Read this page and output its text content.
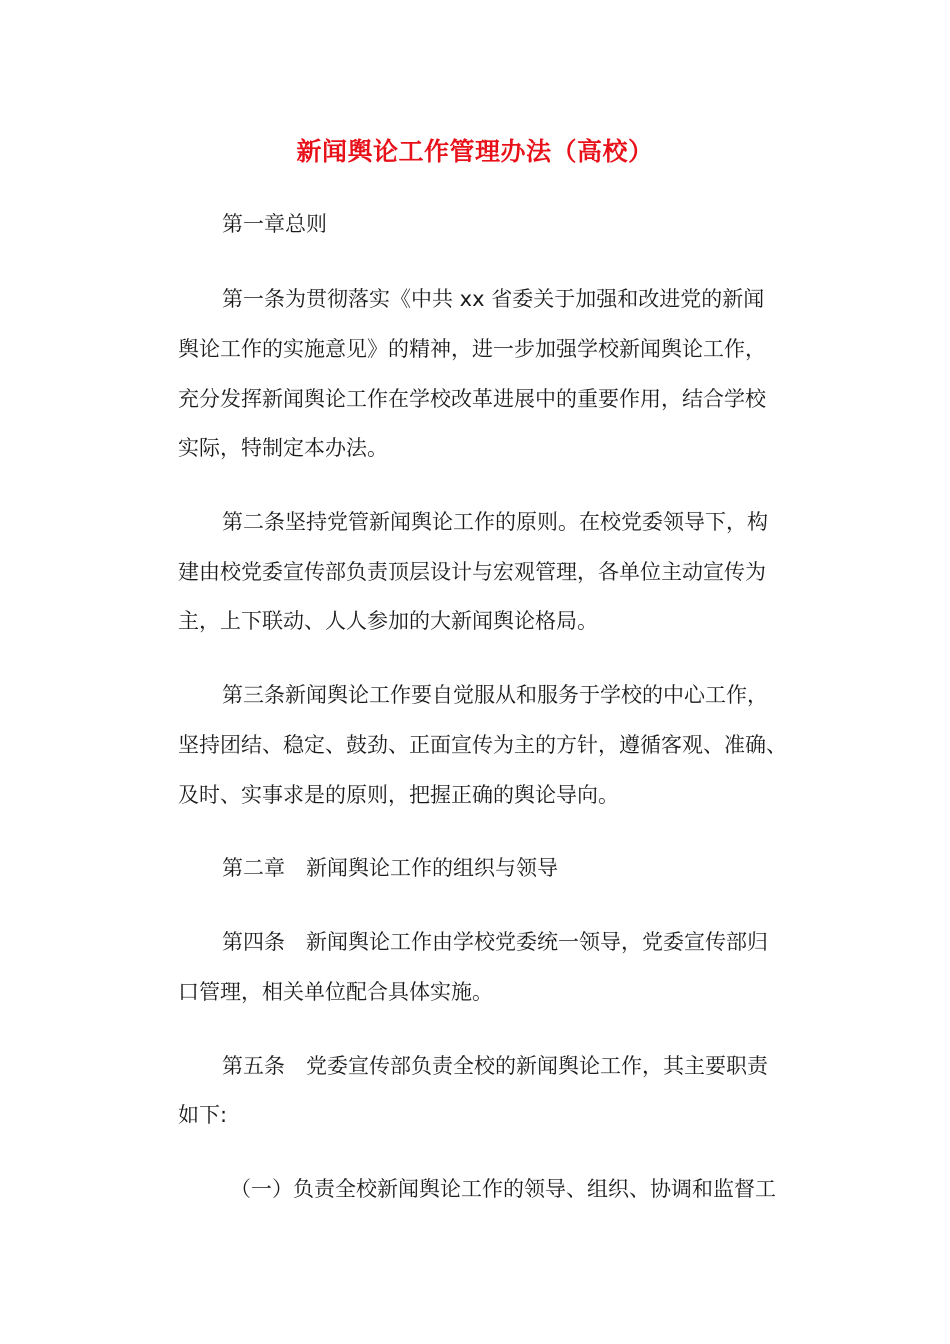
新闻舆论工作管理办法（高校）
第一章总则
第一条为贯彻落实《中共 xx 省委关于加强和改进党的新闻
舆论工作的实施意见》的精神，进一步加强学校新闻舆论工作，
充分发挥新闻舆论工作在学校改革进展中的重要作用，结合学校
实际，特制定本办法。
第二条坚持党管新闻舆论工作的原则。在校党委领导下，构
建由校党委宣传部负责顶层设计与宏观管理，各单位主动宣传为
主，上下联动、人人参加的大新闻舆论格局。
第三条新闻舆论工作要自觉服从和服务于学校的中心工作，
坚持团结、稳定、鼓劲、正面宣传为主的方针，遵循客观、准确、
及时、实事求是的原则，把握正确的舆论导向。
第二章　新闻舆论工作的组织与领导
第四条　新闻舆论工作由学校党委统一领导，党委宣传部归
口管理，相关单位配合具体实施。
第五条　党委宣传部负责全校的新闻舆论工作，其主要职责
如下:
（一）负责全校新闻舆论工作的领导、组织、协调和监督工
